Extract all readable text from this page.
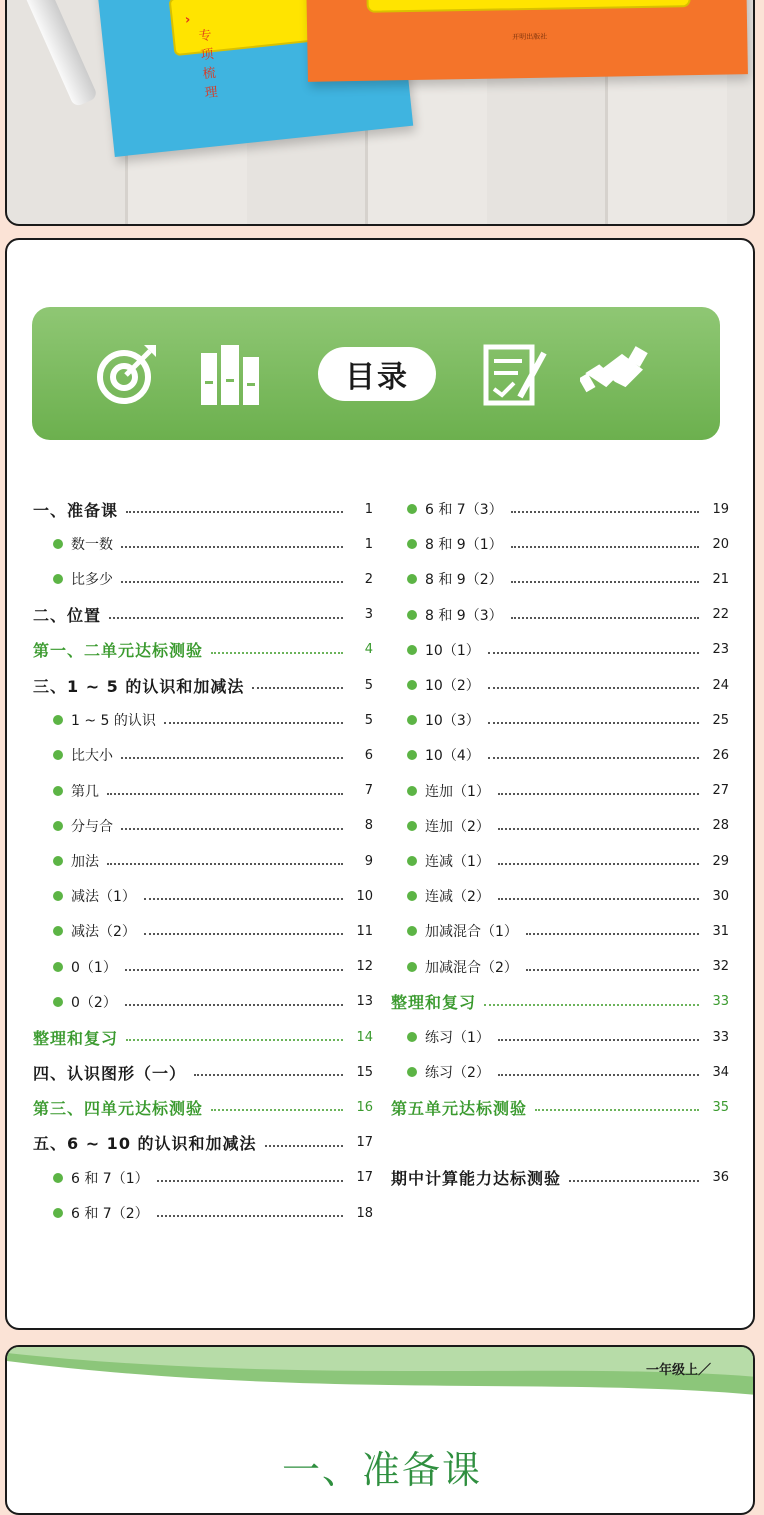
›
专项梳理
开明出版社
目录
一、准备课	1
数一数	1
比多少	2
二、位置	3
第一、二单元达标测验	4
三、1 ~ 5 的认识和加减法	5
1 ~ 5 的认识	5
比大小	6
第几	7
分与合	8
加法	9
减法（1）	10
减法（2）	11
0（1）	12
0（2）	13
整理和复习	14
四、认识图形（一）	15
第三、四单元达标测验	16
五、6 ~ 10 的认识和加减法	17
6 和 7（1）	17
6 和 7（2）	18
6 和 7（3）	19
8 和 9（1）	20
8 和 9（2）	21
8 和 9（3）	22
10（1）	23
10（2）	24
10（3）	25
10（4）	26
连加（1）	27
连加（2）	28
连减（1）	29
连减（2）	30
加减混合（1）	31
加减混合（2）	32
整理和复习	33
练习（1）	33
练习（2）	34
第五单元达标测验	35
期中计算能力达标测验	36
一年级上／
一、准备课
